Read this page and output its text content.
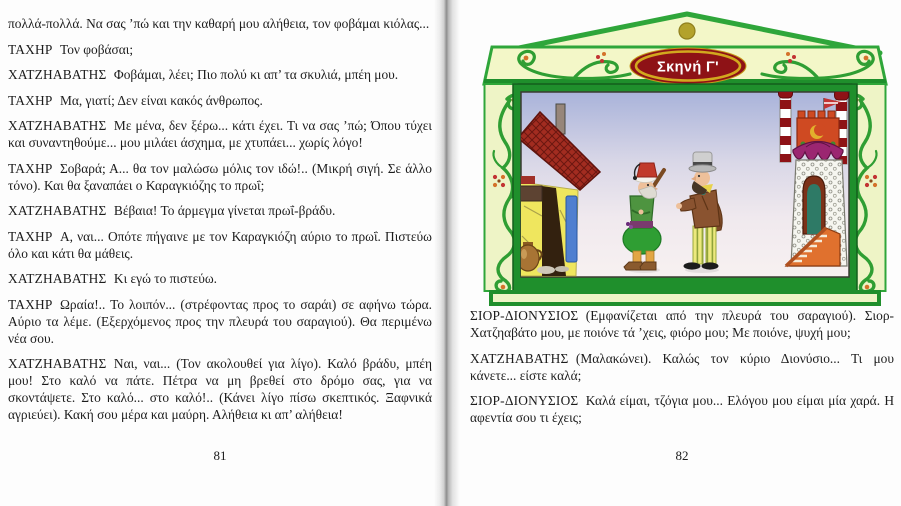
πολλά-πολλά. Να σας ’πώ και την καθαρή μου αλήθεια, τον φοβάμαι κιόλας...

ΤΑΧΗΡ Τον φοβάσαι;

ΧΑΤΖΗΑΒΑΤΗΣ Φοβάμαι, λέει; Πιο πολύ κι απ’ τα σκυλιά, μπέη μου.

ΤΑΧΗΡ Μα, γιατί; Δεν είναι κακός άνθρωπος.

ΧΑΤΖΗΑΒΑΤΗΣ Με μένα, δεν ξέρω... κάτι έχει. Τι να σας ’πώ; Όπου τύχει και συναντηθούμε... μου μιλάει άσχημα, με χτυπάει... χωρίς λόγο!

ΤΑΧΗΡ Σοβαρά; Α... θα τον μαλώσω μόλις τον ιδώ!.. (Μικρή σιγή. Σε άλλο τόνο). Και θα ξαναπάει ο Καραγκιόζης το πρωΐ;

ΧΑΤΖΗΑΒΑΤΗΣ Βέβαια! Το άρμεγμα γίνεται πρωΐ-βράδυ.

ΤΑΧΗΡ Α, ναι... Οπότε πήγαινε με τον Καραγκιόζη αύριο το πρωΐ. Πιστεύω όλο και κάτι θα μάθεις.

ΧΑΤΖΗΑΒΑΤΗΣ Κι εγώ το πιστεύω.

ΤΑΧΗΡ Ωραία!.. Το λοιπόν... (στρέφοντας προς το σαράι) σε αφήνω τώρα. Αύριο τα λέμε. (Εξερχόμενος προς την πλευρά του σαραγιού). Θα περιμένω νέα σου.

ΧΑΤΖΗΑΒΑΤΗΣ Ναι, ναι... (Τον ακολουθεί για λίγο). Καλό βράδυ, μπέη μου! Στο καλό να πάτε. Πέτρα να μη βρεθεί στο δρόμο σας, για να σκοντάψετε. Στο καλό... στο καλό!.. (Κάνει λίγο πίσω σκεπτικός. Ξαφνικά αγριεύει). Κακή σου μέρα και μαύρη. Αλήθεια κι απ’ αλήθεια!

81
Σκηνή Γ'

ΣΙΟΡ-ΔΙΟΝΥΣΙΟΣ (Εμφανίζεται από την πλευρά του σαραγιού). Σιορ-Χατζηαβάτο μου, με ποιόνε τά ’χεις, φιόρο μου; Με ποιόνε, ψυχή μου;

ΧΑΤΖΗΑΒΑΤΗΣ (Μαλακώνει). Καλώς τον κύριο Διονύσιο... Τι μου κάνετε... είστε καλά;

ΣΙΟΡ-ΔΙΟΝΥΣΙΟΣ Καλά είμαι, τζόγια μου... Ελόγου μου είμαι μία χαρά. Η αφεντία σου τι έχεις;

82
